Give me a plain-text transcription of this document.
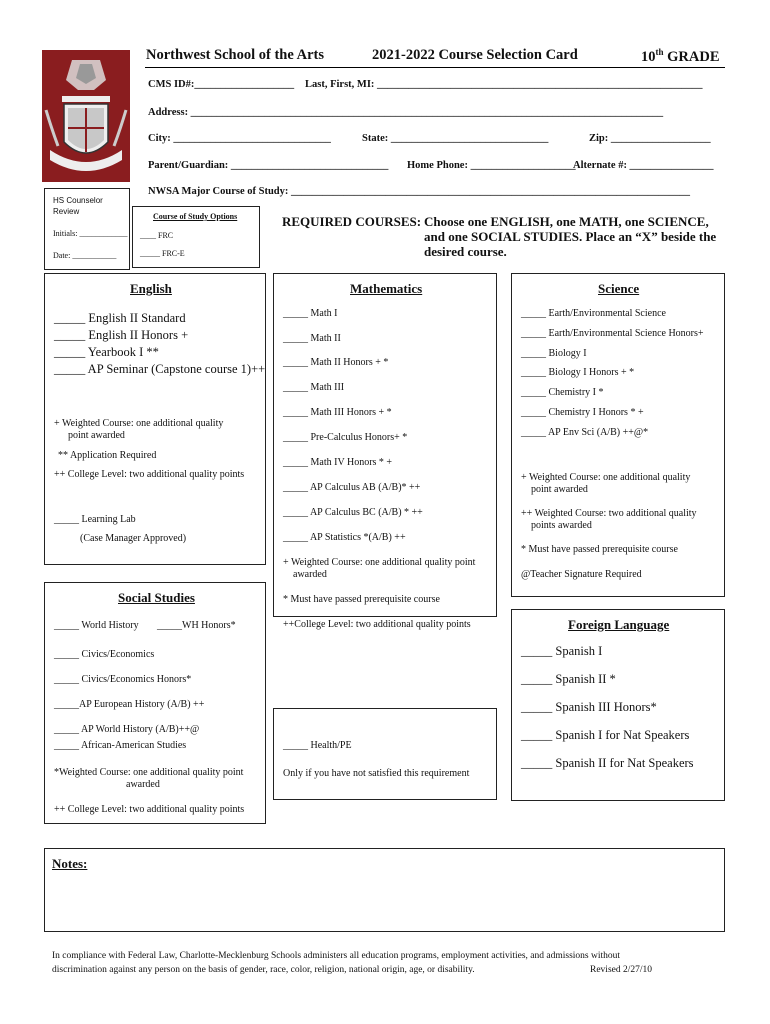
Northwest School of the Arts	2021-2022 Course Selection Card	10th GRADE
CMS ID#:___________________ Last, First, MI: ______________________________________________________________
Address: __________________________________________________________________________________________
City: ______________________________	State: ______________________________	Zip: ___________________
Parent/Guardian: ______________________________ Home Phone: ____________________
Alternate #: ________________
NWSA Major Course of Study: ____________________________________________________________________________
HS Counselor
Review
Initials: ____________
Date: ___________
Course of Study Options
____ FRC
_____ FRC-E
REQUIRED COURSES: Choose one ENGLISH, one MATH, one SCIENCE,
and one SOCIAL STUDIES. Place an “X” beside the
desired course.
English
_____ English II Standard
_____ English II Honors +
_____ Yearbook I **
_____ AP Seminar (Capstone course 1)++
+ Weighted Course: one additional quality
point awarded
** Application Required
++ College Level: two additional quality points
_____ Learning Lab
(Case Manager Approved)
Mathematics
_____ Math I
_____ Math II
_____ Math II Honors + *
_____ Math III
_____ Math III Honors + *
_____ Pre-Calculus Honors+ *
_____ Math IV Honors * +
_____ AP Calculus AB (A/B)* ++
_____ AP Calculus BC (A/B) * ++
_____ AP Statistics *(A/B) ++
+ Weighted Course: one additional quality point
awarded
* Must have passed prerequisite course
++College Level: two additional quality points
Science
_____ Earth/Environmental Science
_____ Earth/Environmental Science Honors+
_____ Biology I
_____ Biology I Honors + *
_____ Chemistry I *
_____ Chemistry I Honors * +
_____ AP Env Sci (A/B) ++@*
+ Weighted Course: one additional quality
point awarded
++ Weighted Course: two additional quality
points awarded
* Must have passed prerequisite course
@Teacher Signature Required
Social Studies
_____ World History _____WH Honors*
_____ Civics/Economics
_____ Civics/Economics Honors*
_____AP European History (A/B) ++
_____ AP World History (A/B)++@
_____ African-American Studies
*Weighted Course: one additional quality point
awarded
++ College Level: two additional quality points
_____ Health/PE
Only if you have not satisfied this requirement
Foreign Language
_____ Spanish I
_____ Spanish II *
_____ Spanish III Honors*
_____ Spanish I for Nat Speakers
_____ Spanish II for Nat Speakers
Notes:
In compliance with Federal Law, Charlotte-Mecklenburg Schools administers all education programs, employment activities, and admissions without
discrimination against any person on the basis of gender, race, color, religion, national origin, age, or disability.	Revised 2/27/10
